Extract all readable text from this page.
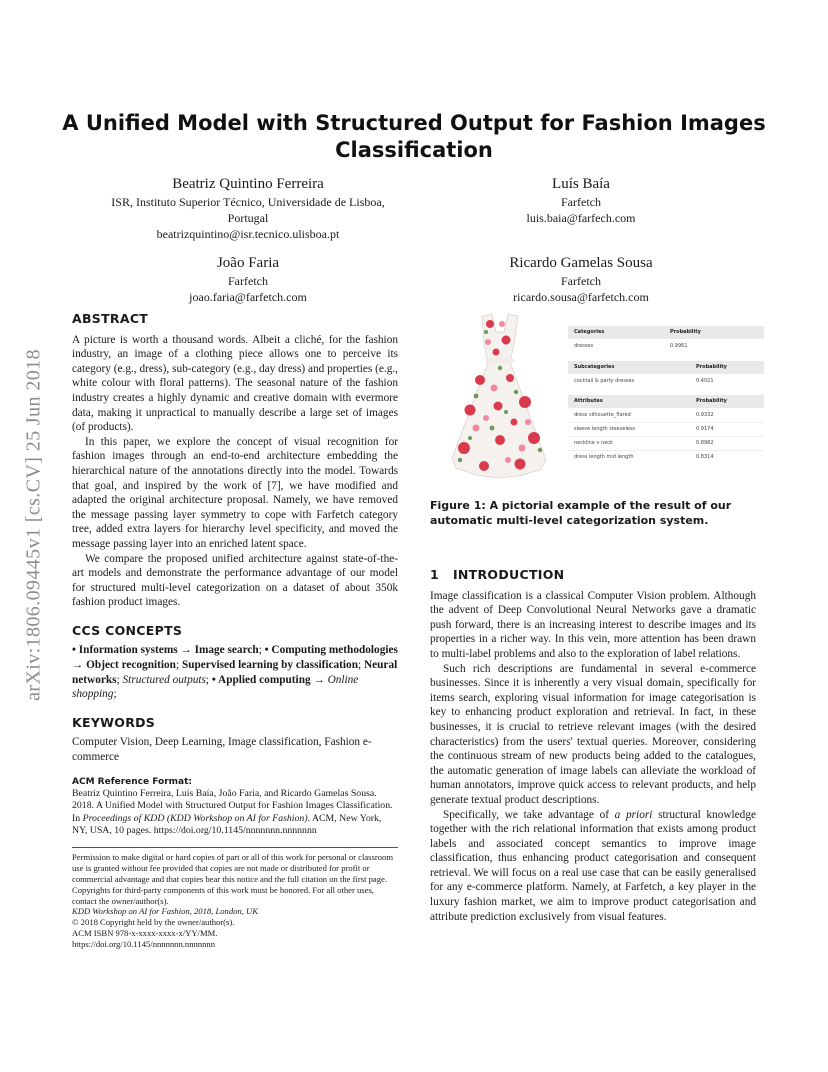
A Unified Model with Structured Output for Fashion Images Classification
Beatriz Quintino Ferreira
ISR, Instituto Superior Técnico, Universidade de Lisboa,
Portugal
beatrizquintino@isr.tecnico.ulisboa.pt
Luís Baía
Farfetch
luis.baia@farfech.com
João Faria
Farfetch
joao.faria@farfetch.com
Ricardo Gamelas Sousa
Farfetch
ricardo.sousa@farfetch.com
arXiv:1806.09445v1 [cs.CV] 25 Jun 2018
ABSTRACT

A picture is worth a thousand words. Albeit a cliché, for the fashion industry, an image of a clothing piece allows one to perceive its category (e.g., dress), sub-category (e.g., day dress) and properties (e.g., white colour with floral patterns). The seasonal nature of the fashion industry creates a highly dynamic and creative domain with evermore data, making it unpractical to manually describe a large set of images (of products).

In this paper, we explore the concept of visual recognition for fashion images through an end-to-end architecture embedding the hierarchical nature of the annotations directly into the model. Towards that goal, and inspired by the work of [7], we have modified and adapted the original architecture proposal. Namely, we have removed the message passing layer symmetry to cope with Farfetch category tree, added extra layers for hierarchy level specificity, and moved the message passing layer into an enriched latent space.

We compare the proposed unified architecture against state-of-the-art models and demonstrate the performance advantage of our model for structured multi-level categorization on a dataset of about 350k fashion product images.

CCS CONCEPTS

• Information systems → Image search; • Computing methodologies → Object recognition; Supervised learning by classification; Neural networks; Structured outputs; • Applied computing → Online shopping;

KEYWORDS

Computer Vision, Deep Learning, Image classification, Fashion e-commerce

ACM Reference Format:
Beatriz Quintino Ferreira, Luís Baía, João Faria, and Ricardo Gamelas Sousa. 2018. A Unified Model with Structured Output for Fashion Images Classification. In Proceedings of KDD (KDD Workshop on AI for Fashion). ACM, New York, NY, USA, 10 pages. https://doi.org/10.1145/nnnnnnn.nnnnnnn
Permission to make digital or hard copies of part or all of this work for personal or classroom use is granted without fee provided that copies are not made or distributed for profit or commercial advantage and that copies bear this notice and the full citation on the first page. Copyrights for third-party components of this work must be honored. For all other uses, contact the owner/author(s).
KDD Workshop on AI for Fashion, 2018, London, UK
© 2018 Copyright held by the owner/author(s).
ACM ISBN 978-x-xxxx-xxxx-x/YY/MM.
https://doi.org/10.1145/nnnnnnn.nnnnnnn
Categories	Probability
dresses	0.9961
Subcategories	Probability
cocktail & party dresses	0.4021
Attributes	Probability
dress silhouette_flared	0.9332
sleeve length sleeveless	0.9174
neckline v neck	0.8982
dress length mid length	0.8314
Figure 1: A pictorial example of the result of our automatic multi-level categorization system.
1 INTRODUCTION

Image classification is a classical Computer Vision problem. Although the advent of Deep Convolutional Neural Networks gave a dramatic push forward, there is an increasing interest to describe images and its properties in a richer way. In this vein, more attention has been drawn to multi-label problems and also to the exploration of label relations.

Such rich descriptions are fundamental in several e-commerce businesses. Since it is inherently a very visual domain, specifically for items search, exploring visual information for image categorisation is key to enhancing product exploration and retrieval. In fact, in these businesses, it is crucial to retrieve relevant images (with the desired characteristics) from the users' textual queries. Moreover, considering the continuous stream of new products being added to the catalogues, the automatic generation of image labels can alleviate the workload of human annotators, improve quick access to relevant products, and help generate textual product descriptions.

Specifically, we take advantage of a priori structural knowledge together with the rich relational information that exists among product labels and associated concept semantics to improve image classification, thus enhancing product categorisation and consequent retrieval. We will focus on a real use case that can be easily generalised for any e-commerce platform. Namely, at Farfetch, a key player in the luxury fashion market, we aim to improve product categorisation and attribute prediction exclusively from visual features.
